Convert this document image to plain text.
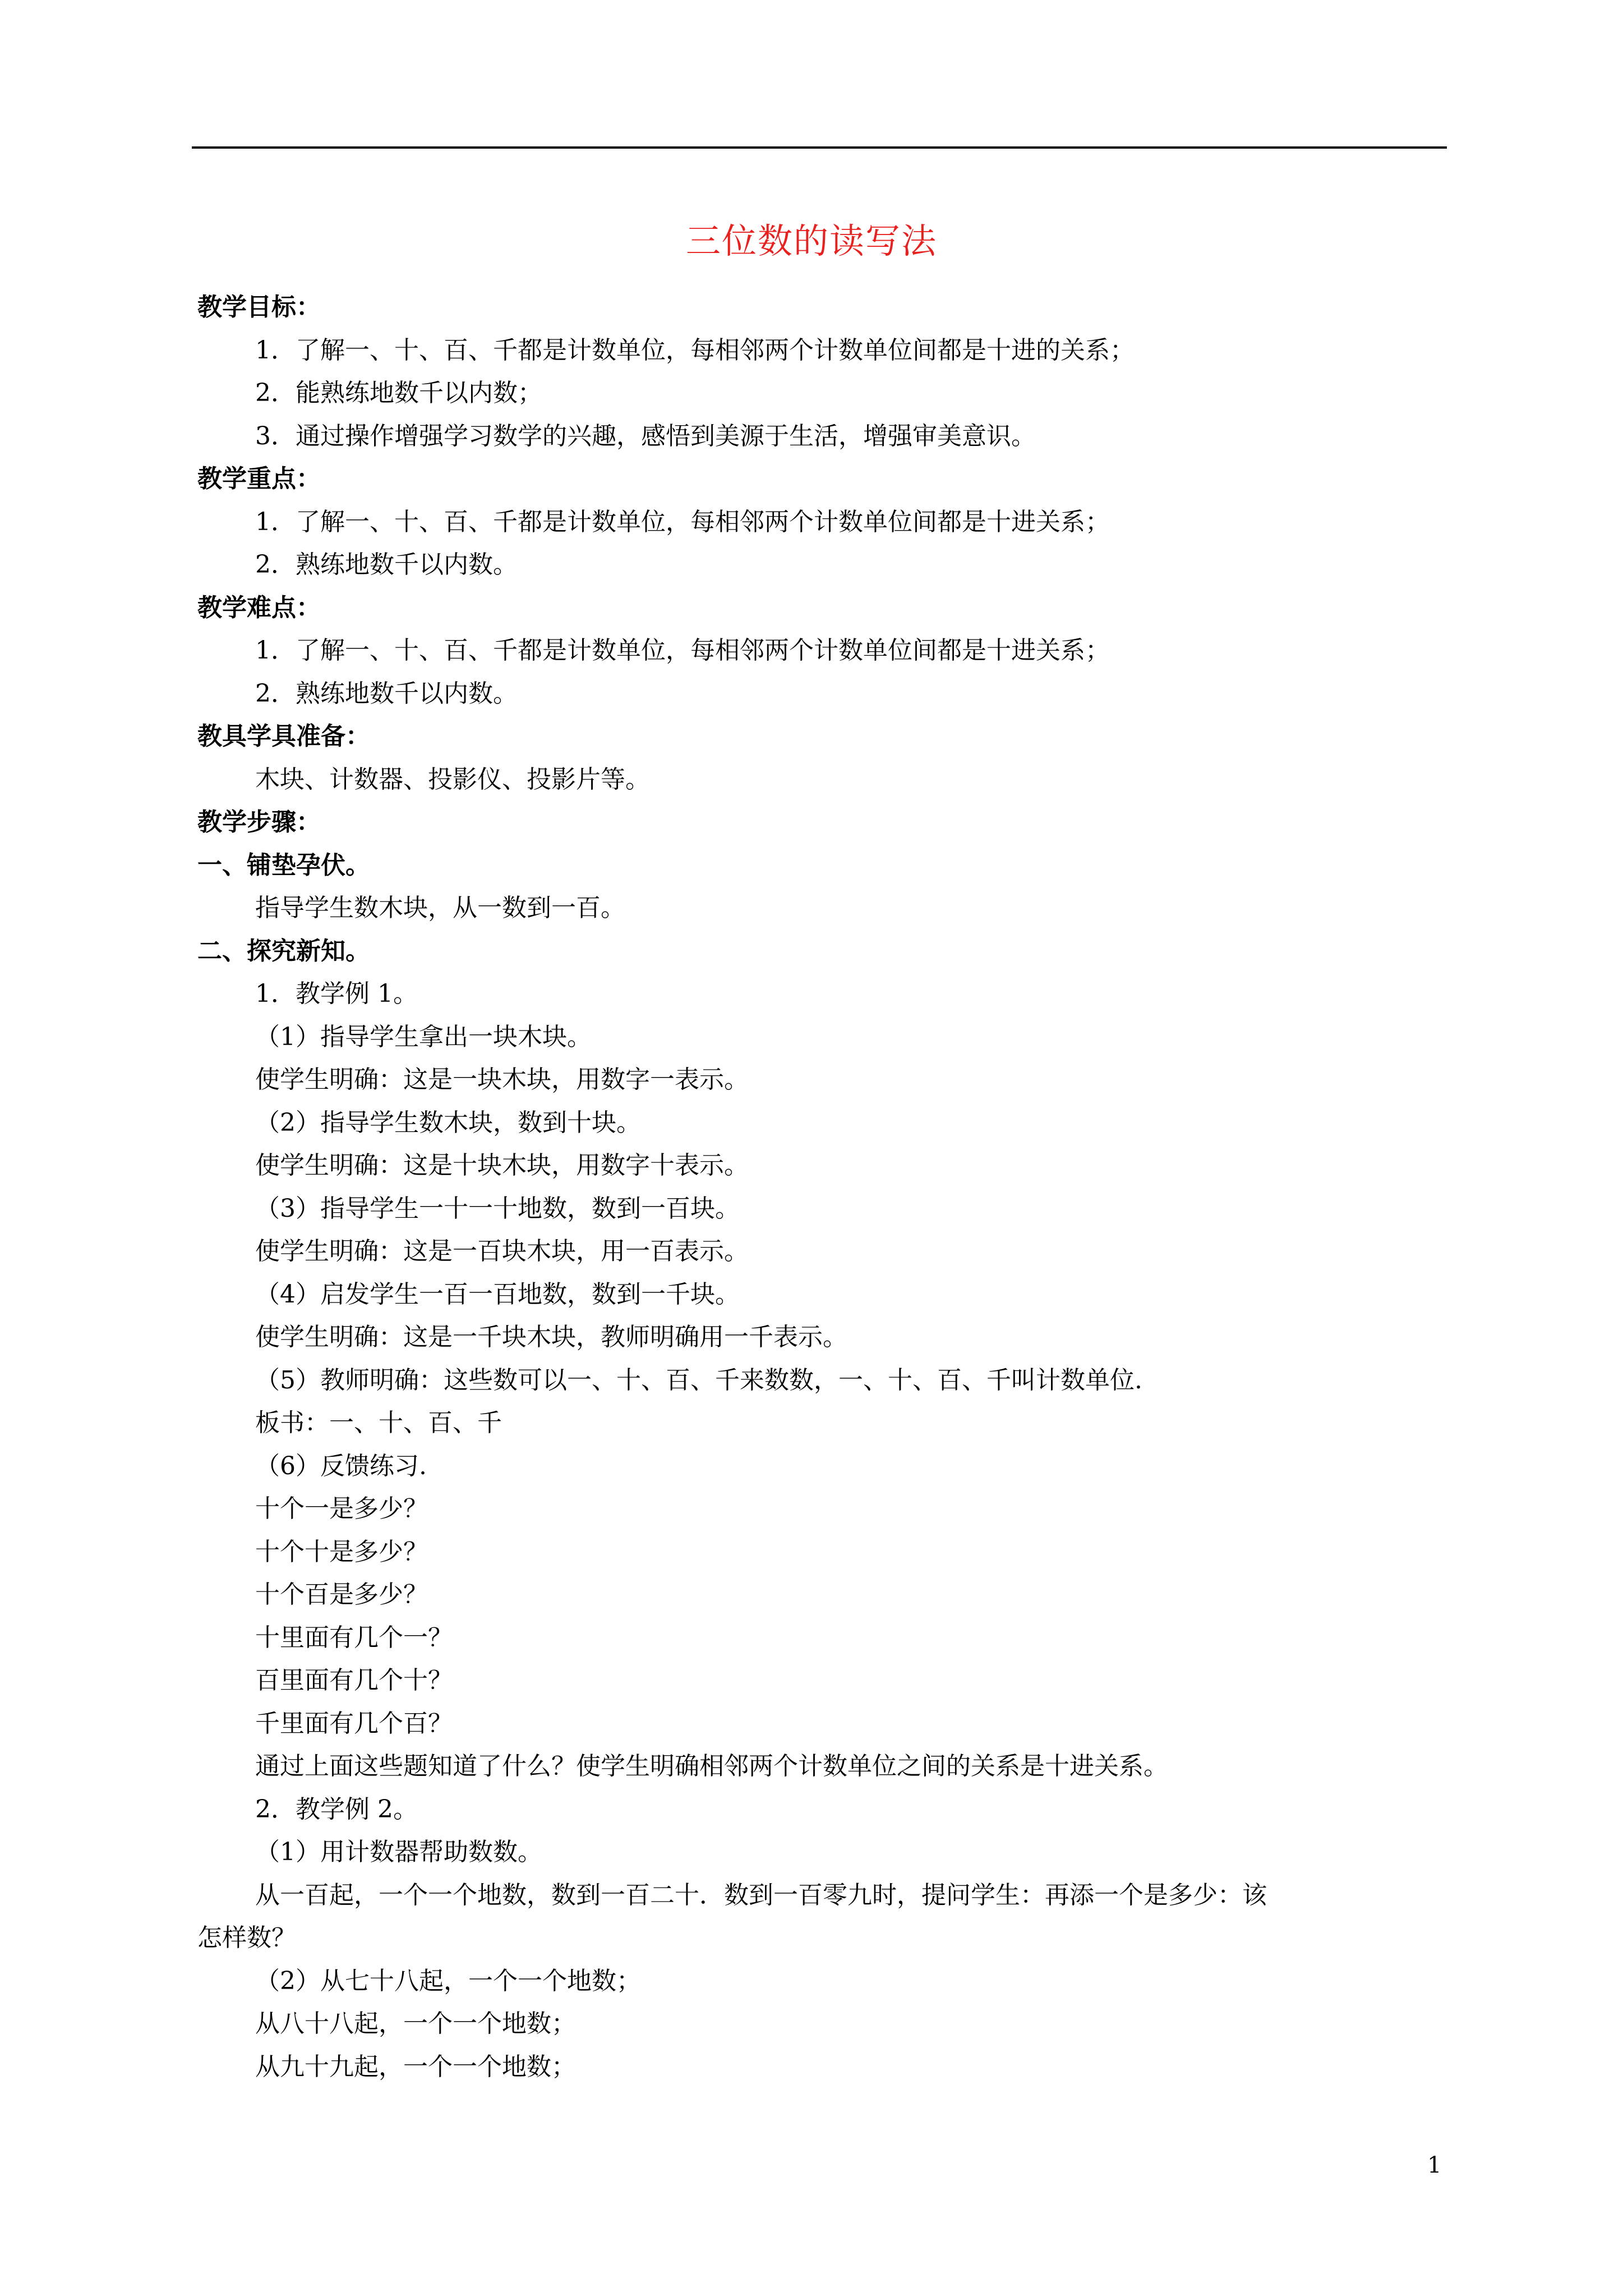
三位数的读写法
教学目标：
1．了解一、十、百、千都是计数单位，每相邻两个计数单位间都是十进的关系；
2．能熟练地数千以内数；
3．通过操作增强学习数学的兴趣，感悟到美源于生活，增强审美意识。
教学重点：
1．了解一、十、百、千都是计数单位，每相邻两个计数单位间都是十进关系；
2．熟练地数千以内数。
教学难点：
1．了解一、十、百、千都是计数单位，每相邻两个计数单位间都是十进关系；
2．熟练地数千以内数。
教具学具准备：
木块、计数器、投影仪、投影片等。
教学步骤：
一、铺垫孕伏。
指导学生数木块，从一数到一百。
二、探究新知。
1．教学例 1。
（1）指导学生拿出一块木块。
使学生明确：这是一块木块，用数字一表示。
（2）指导学生数木块，数到十块。
使学生明确：这是十块木块，用数字十表示。
（3）指导学生一十一十地数，数到一百块。
使学生明确：这是一百块木块，用一百表示。
（4）启发学生一百一百地数，数到一千块。
使学生明确：这是一千块木块，教师明确用一千表示。
（5）教师明确：这些数可以一、十、百、千来数数，一、十、百、千叫计数单位.
板书：一、十、百、千
（6）反馈练习.
十个一是多少？
十个十是多少？
十个百是多少？
十里面有几个一？
百里面有几个十？
千里面有几个百？
通过上面这些题知道了什么？使学生明确相邻两个计数单位之间的关系是十进关系。
2．教学例 2。
（1）用计数器帮助数数。
从一百起，一个一个地数，数到一百二十．数到一百零九时，提问学生：再添一个是多少：该
怎样数？
（2）从七十八起，一个一个地数；
从八十八起，一个一个地数；
从九十九起，一个一个地数；
1
